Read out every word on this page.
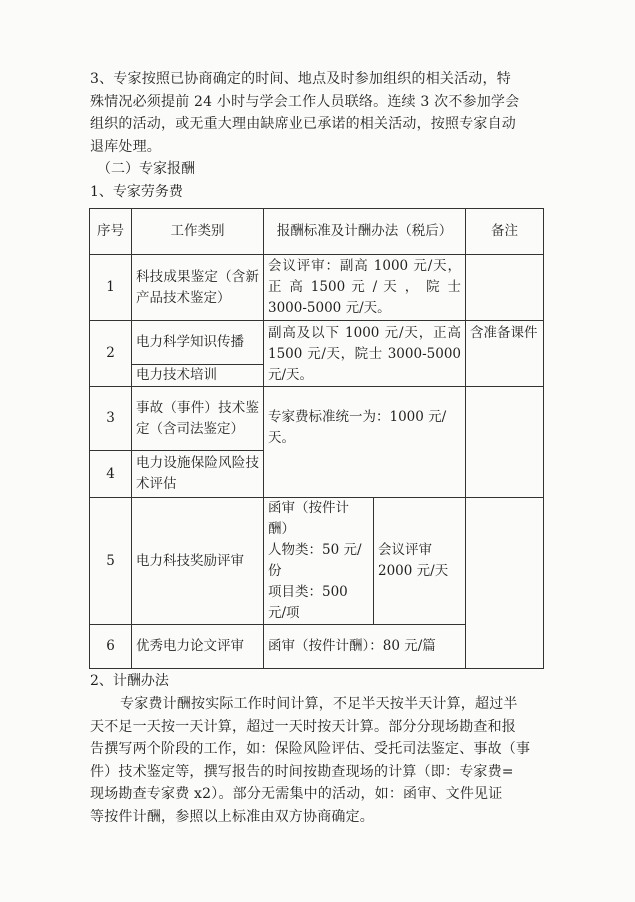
3、专家按照已协商确定的时间、地点及时参加组织的相关活动，特
殊情况必须提前 24 小时与学会工作人员联络。连续 3 次不参加学会
组织的活动，或无重大理由缺席业已承诺的相关活动，按照专家自动
退库处理。
（二）专家报酬
1、专家劳务费
序号	工作类别	报酬标准及计酬办法（税后）		备注
1	科技成果鉴定（含新产品技术鉴定）	会议评审：副高 1000 元/天，正 高 1500 元 / 天 ， 院 士 3000-5000 元/天。		
2	电力科学知识传播	副高及以下 1000 元/天，正高 1500 元/天，院士 3000-5000 元/天。		含准备课件
	电力技术培训			
3	事故（事件）技术鉴定（含司法鉴定）	专家费标准统一为：1000 元/天。		
4	电力设施保险风险技术评估			
5	电力科技奖励评审	函审（按件计酬）
人物类：50 元/份
项目类：500 元/项	会议评审 2000 元/天	
6	优秀电力论文评审	函审（按件计酬）：80 元/篇		
2、计酬办法
专家费计酬按实际工作时间计算，不足半天按半天计算，超过半
天不足一天按一天计算，超过一天时按天计算。部分分现场勘查和报
告撰写两个阶段的工作，如：保险风险评估、受托司法鉴定、事故（事
件）技术鉴定等，撰写报告的时间按勘查现场的计算（即：专家费=
现场勘查专家费 x2）。部分无需集中的活动，如：函审、文件见证
等按件计酬，参照以上标准由双方协商确定。
